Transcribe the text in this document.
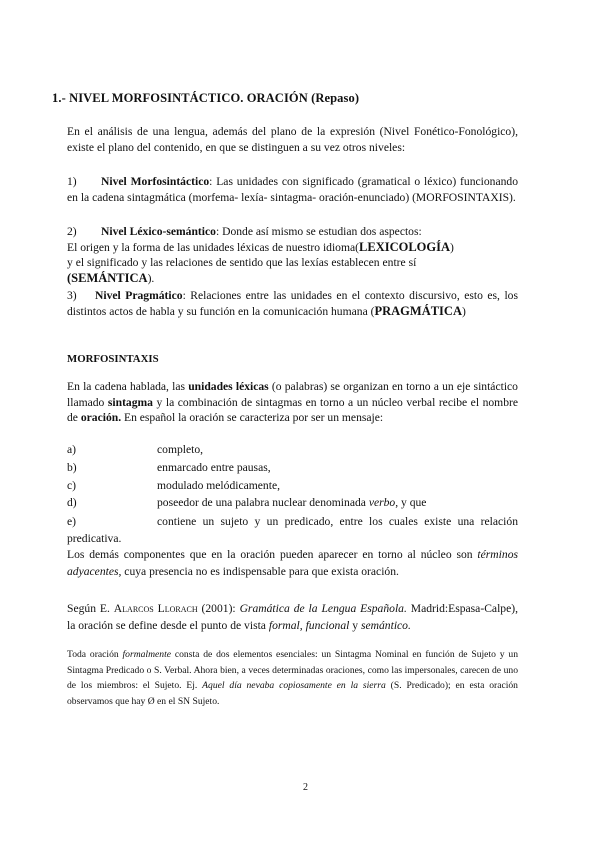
1.- NIVEL MORFOSINTÁCTICO. ORACIÓN (Repaso)
En el análisis de una lengua, además del plano de la expresión (Nivel Fonético-Fonológico), existe el plano del contenido, en que se distinguen a su vez otros niveles:
1) Nivel Morfosintáctico: Las unidades con significado (gramatical o léxico) funcionando en la cadena sintagmática (morfema- lexía- sintagma- oración-enunciado) (MORFOSINTAXIS).
2) Nivel Léxico-semántico: Donde así mismo se estudian dos aspectos:
El origen y la forma de las unidades léxicas de nuestro idioma(LEXICOLOGÍA)
y el significado y las relaciones de sentido que las lexías establecen entre sí
(SEMÁNTICA).
3) Nivel Pragmático: Relaciones entre las unidades en el contexto discursivo, esto es, los distintos actos de habla y su función en la comunicación humana (PRAGMÁTICA)
MORFOSINTAXIS
En la cadena hablada, las unidades léxicas (o palabras) se organizan en torno a un eje sintáctico llamado sintagma y la combinación de sintagmas en torno a un núcleo verbal recibe el nombre de oración. En español la oración se caracteriza por ser un mensaje:
a)	completo,
b)	enmarcado entre pausas,
c)	modulado melódicamente,
d)	poseedor de una palabra nuclear denominada verbo, y que
e)	contiene un sujeto y un predicado, entre los cuales existe una relación predicativa.
Los demás componentes que en la oración pueden aparecer en torno al núcleo son términos adyacentes, cuya presencia no es indispensable para que exista oración.
Según E. Alarcos Llorach (2001): Gramática de la Lengua Española. Madrid:Espasa-Calpe), la oración se define desde el punto de vista formal, funcional y semántico.
Toda oración formalmente consta de dos elementos esenciales: un Sintagma Nominal en función de Sujeto y un Sintagma Predicado o S. Verbal. Ahora bien, a veces determinadas oraciones, como las impersonales, carecen de uno de los miembros: el Sujeto. Ej. Aquel día nevaba copiosamente en la sierra (S. Predicado); en esta oración observamos que hay Ø en el SN Sujeto.
2
